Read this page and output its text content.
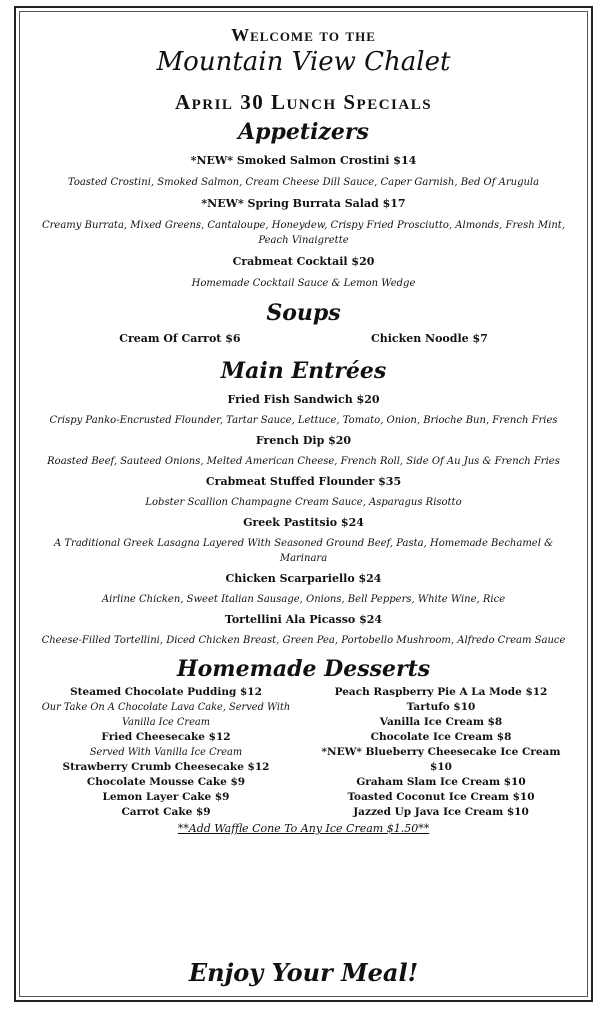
Welcome to the
Mountain View Chalet
April 30 Lunch Specials
Appetizers
*NEW* Smoked Salmon Crostini $14
Toasted Crostini, Smoked Salmon, Cream Cheese Dill Sauce, Caper Garnish, Bed Of Arugula
*NEW* Spring Burrata Salad $17
Creamy Burrata, Mixed Greens, Cantaloupe, Honeydew, Crispy Fried Prosciutto, Almonds, Fresh Mint, Peach Vinaigrette
Crabmeat Cocktail $20
Homemade Cocktail Sauce & Lemon Wedge
Soups
Cream Of Carrot $6	Chicken Noodle $7
Main Entrées
Fried Fish Sandwich $20
Crispy Panko-Encrusted Flounder, Tartar Sauce, Lettuce, Tomato, Onion, Brioche Bun, French Fries
French Dip $20
Roasted Beef, Sauteed Onions, Melted American Cheese, French Roll, Side Of Au Jus & French Fries
Crabmeat Stuffed Flounder $35
Lobster Scallion Champagne Cream Sauce, Asparagus Risotto
Greek Pastitsio $24
A Traditional Greek Lasagna Layered With Seasoned Ground Beef, Pasta, Homemade Bechamel & Marinara
Chicken Scarpariello $24
Airline Chicken, Sweet Italian Sausage, Onions, Bell Peppers, White Wine, Rice
Tortellini Ala Picasso $24
Cheese-Filled Tortellini, Diced Chicken Breast, Green Pea, Portobello Mushroom, Alfredo Cream Sauce
Homemade Desserts
Steamed Chocolate Pudding $12
Our Take On A Chocolate Lava Cake, Served With Vanilla Ice Cream
Fried Cheesecake $12
Served With Vanilla Ice Cream
Strawberry Crumb Cheesecake $12
Chocolate Mousse Cake $9
Lemon Layer Cake $9
Carrot Cake $9
Peach Raspberry Pie A La Mode $12
Tartufo $10
Vanilla Ice Cream $8
Chocolate Ice Cream $8
*NEW* Blueberry Cheesecake Ice Cream $10
Graham Slam Ice Cream $10
Toasted Coconut Ice Cream $10
Jazzed Up Java Ice Cream $10
**Add Waffle Cone To Any Ice Cream $1.50**
Enjoy Your Meal!
